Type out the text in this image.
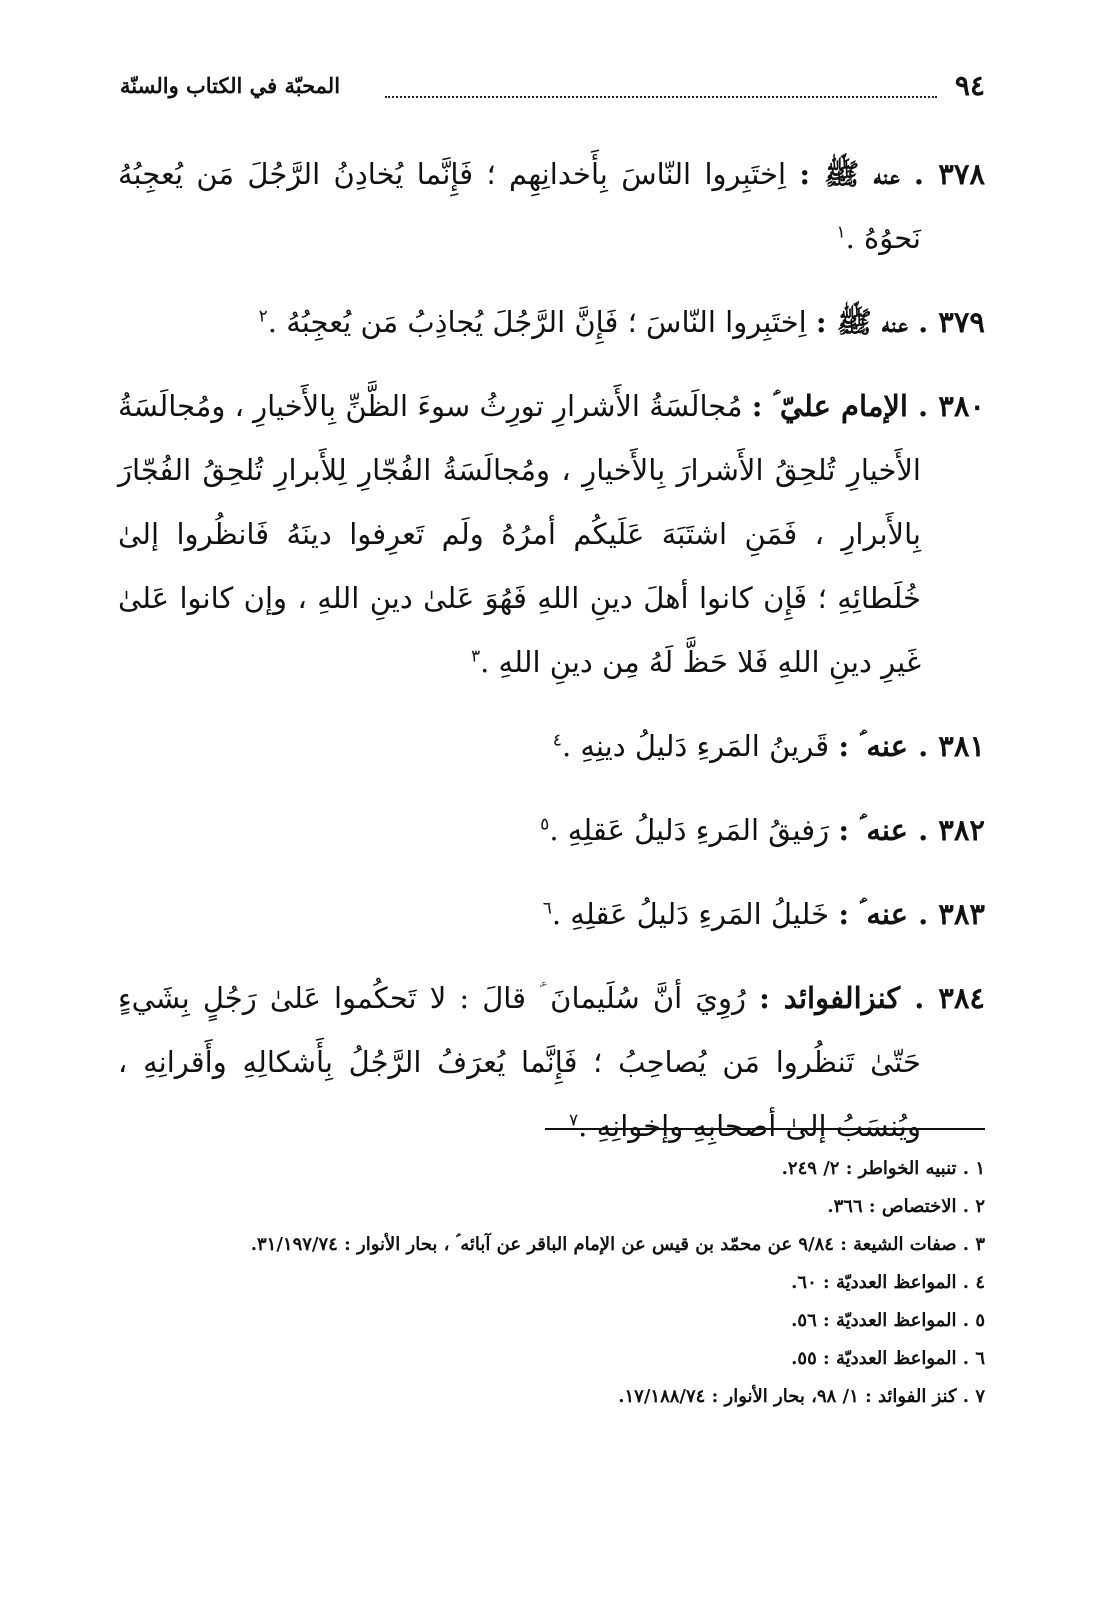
٩٤
المحبّة في الكتاب والسنّة

٣٧٨ . عنه ﷺ : اِختَبِروا النّاسَ بِأَخدانِهِم ؛ فَإِنَّما يُخادِنُ الرَّجُلَ مَن يُعجِبُهُ نَحوُهُ .$^١$

٣٧٩ . عنه ﷺ : اِختَبِروا النّاسَ ؛ فَإِنَّ الرَّجُلَ يُجاذِبُ مَن يُعجِبُهُ .$^٢$

٣٨٠ . الإمام عليّ ؑ : مُجالَسَةُ الأَشرارِ تورِثُ سوءَ الظَّنِّ بِالأَخيارِ ، ومُجالَسَةُ الأَخيارِ تُلحِقُ الأَشرارَ بِالأَخيارِ ، ومُجالَسَةُ الفُجّارِ لِلأَبرارِ تُلحِقُ الفُجّارَ بِالأَبرارِ ، فَمَنِ اشتَبَهَ عَلَيكُم أمرُهُ ولَم تَعرِفوا دينَهُ فَانظُروا إلىٰ خُلَطائِهِ ؛ فَإِن كانوا أهلَ دينِ اللهِ فَهُوَ عَلىٰ دينِ اللهِ ، وإن كانوا عَلىٰ غَيرِ دينِ اللهِ فَلا حَظَّ لَهُ مِن دينِ اللهِ .$^٣$

٣٨١ . عنه ؑ : قَرينُ المَرءِ دَليلُ دينِهِ .$^٤$

٣٨٢ . عنه ؑ : رَفيقُ المَرءِ دَليلُ عَقلِهِ .$^٥$

٣٨٣ . عنه ؑ : خَليلُ المَرءِ دَليلُ عَقلِهِ .$^٦$

٣٨٤ . كنزالفوائد : رُوِيَ أنَّ سُلَيمانَ ؑ قالَ : لا تَحكُموا عَلىٰ رَجُلٍ بِشَيءٍ حَتّىٰ تَنظُروا مَن يُصاحِبُ ؛ فَإِنَّما يُعرَفُ الرَّجُلُ بِأَشكالِهِ وأَقرانِهِ ، ويُنسَبُ إلىٰ أصحابِهِ وإخوانِهِ .$^٧$

١ . تنبيه الخواطر : ٢/ ٢٤٩.

٢ . الاختصاص : ٣٦٦.

٣ . صفات الشيعة : ٩/٨٤ عن محمّد بن قيس عن الإمام الباقر عن آبائه ؑ ، بحار الأنوار : ٣١/١٩٧/٧٤.

٤ . المواعظ العدديّة : ٦٠.

٥ . المواعظ العدديّة : ٥٦.

٦ . المواعظ العدديّة : ٥٥.

٧ . كنز الفوائد : ١/ ٩٨، بحار الأنوار : ١٧/١٨٨/٧٤.
